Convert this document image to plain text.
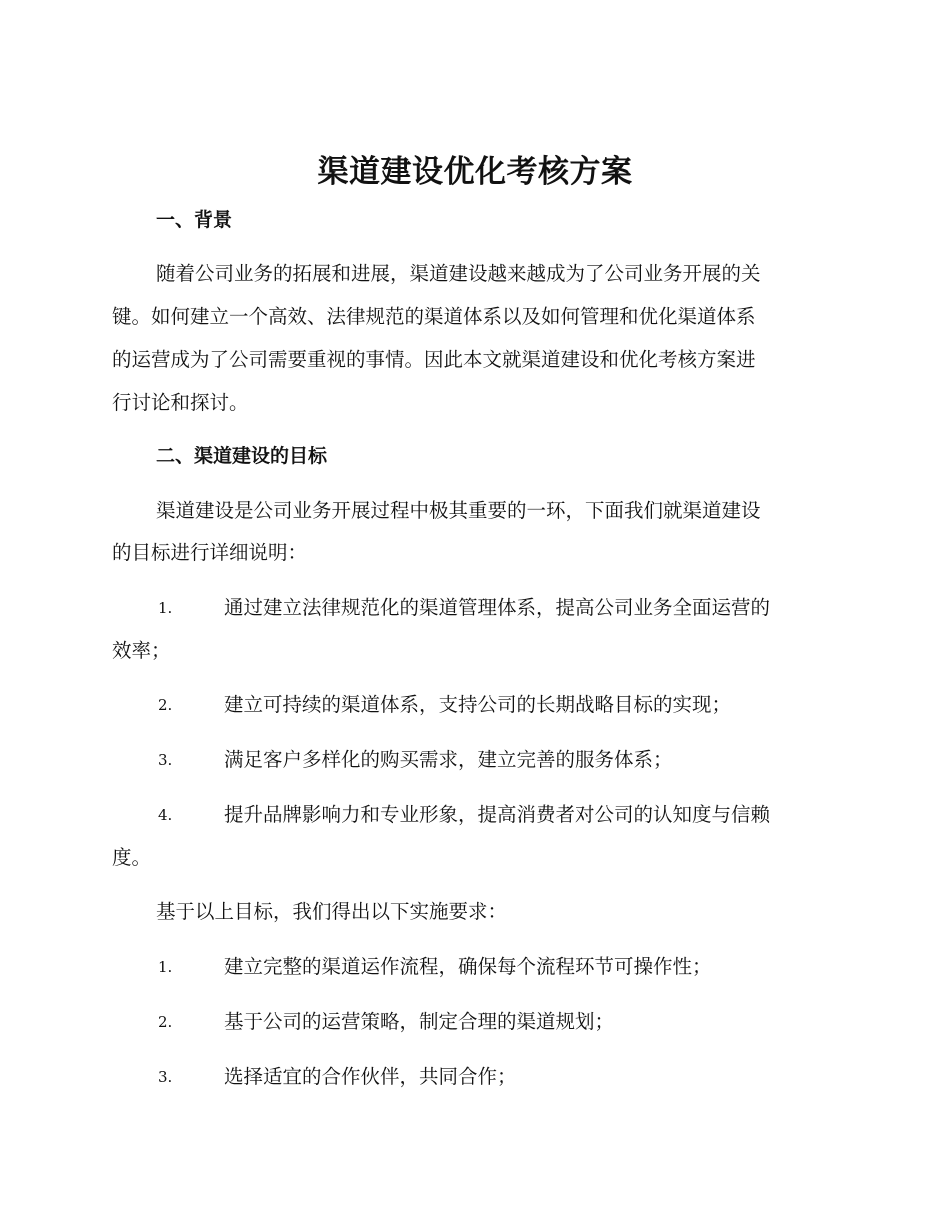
渠道建设优化考核方案
一、背景
随着公司业务的拓展和进展，渠道建设越来越成为了公司业务开展的关
键。如何建立一个高效、法律规范的渠道体系以及如何管理和优化渠道体系
的运营成为了公司需要重视的事情。因此本文就渠道建设和优化考核方案进
行讨论和探讨。
二、渠道建设的目标
渠道建设是公司业务开展过程中极其重要的一环，下面我们就渠道建设
的目标进行详细说明：
1.	通过建立法律规范化的渠道管理体系，提高公司业务全面运营的
效率；
2.	建立可持续的渠道体系，支持公司的长期战略目标的实现；
3.	满足客户多样化的购买需求，建立完善的服务体系；
4.	提升品牌影响力和专业形象，提高消费者对公司的认知度与信赖
度。
基于以上目标，我们得出以下实施要求：
1.	建立完整的渠道运作流程，确保每个流程环节可操作性；
2.	基于公司的运营策略，制定合理的渠道规划；
3.	选择适宜的合作伙伴，共同合作；
